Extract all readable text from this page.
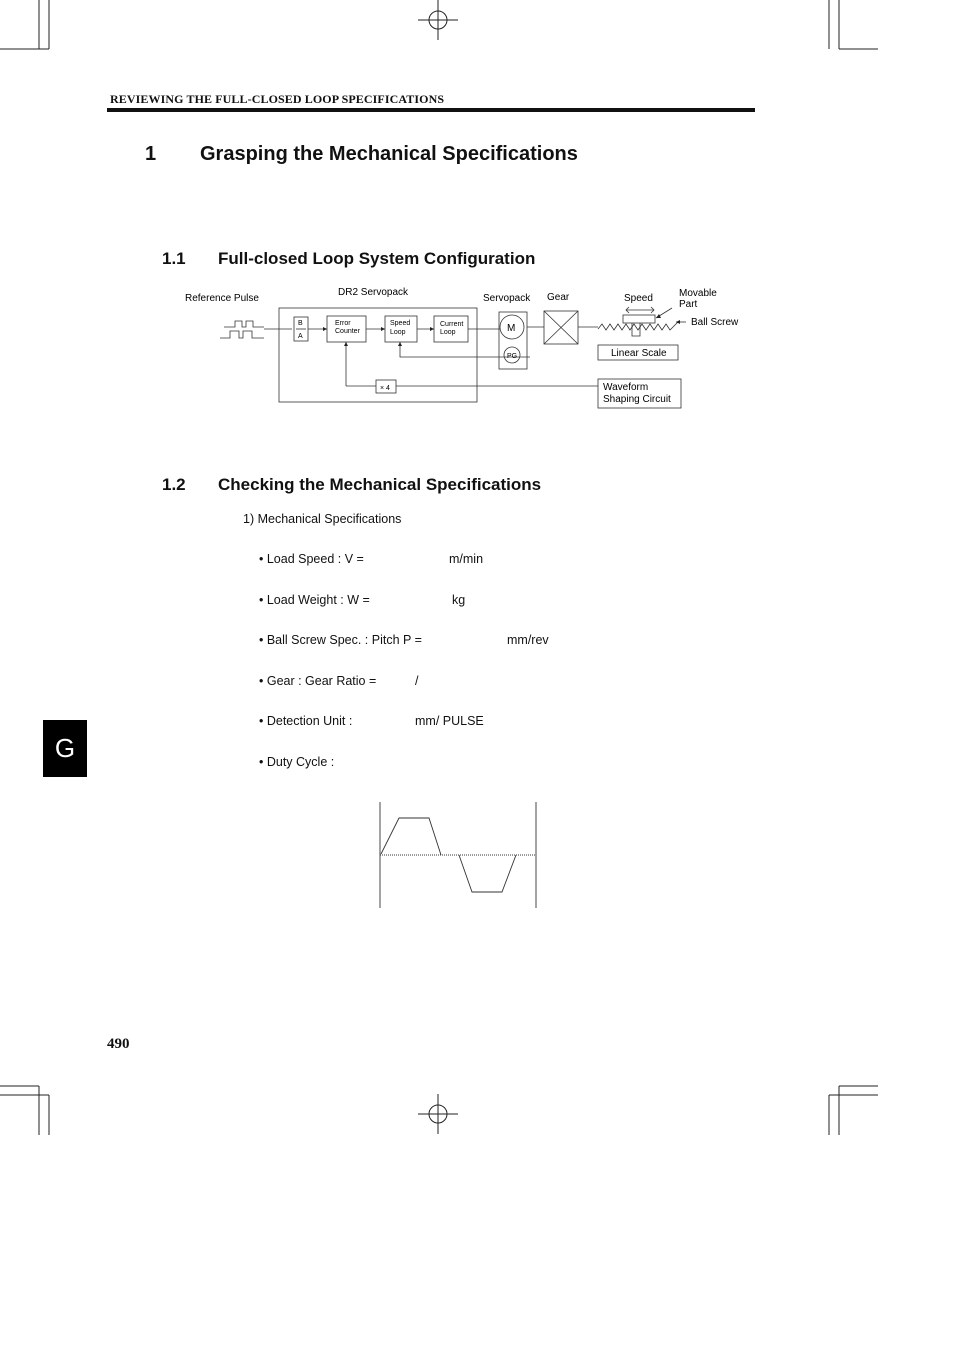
REVIEWING THE FULL-CLOSED LOOP SPECIFICATIONS
1 Grasping the Mechanical Specifications
1.1 Full-closed Loop System Configuration
Reference Pulse
DR2 Servopack
Servopack Gear	Speed	Movable
Part
Ball Screw
B
A
Error
Counter
Speed
Loop
Current
Loop	M
PG
× 4
Linear Scale
Waveform
Shaping Circuit
1.2 Checking the Mechanical Specifications
1) Mechanical Specifications
• Load Speed : V =	m/min
• Load Weight : W =	kg
• Ball Screw Spec. : Pitch P =	mm/rev
• Gear : Gear Ratio =	/
• Detection Unit :	mm/ PULSE
• Duty Cycle :
G
490
